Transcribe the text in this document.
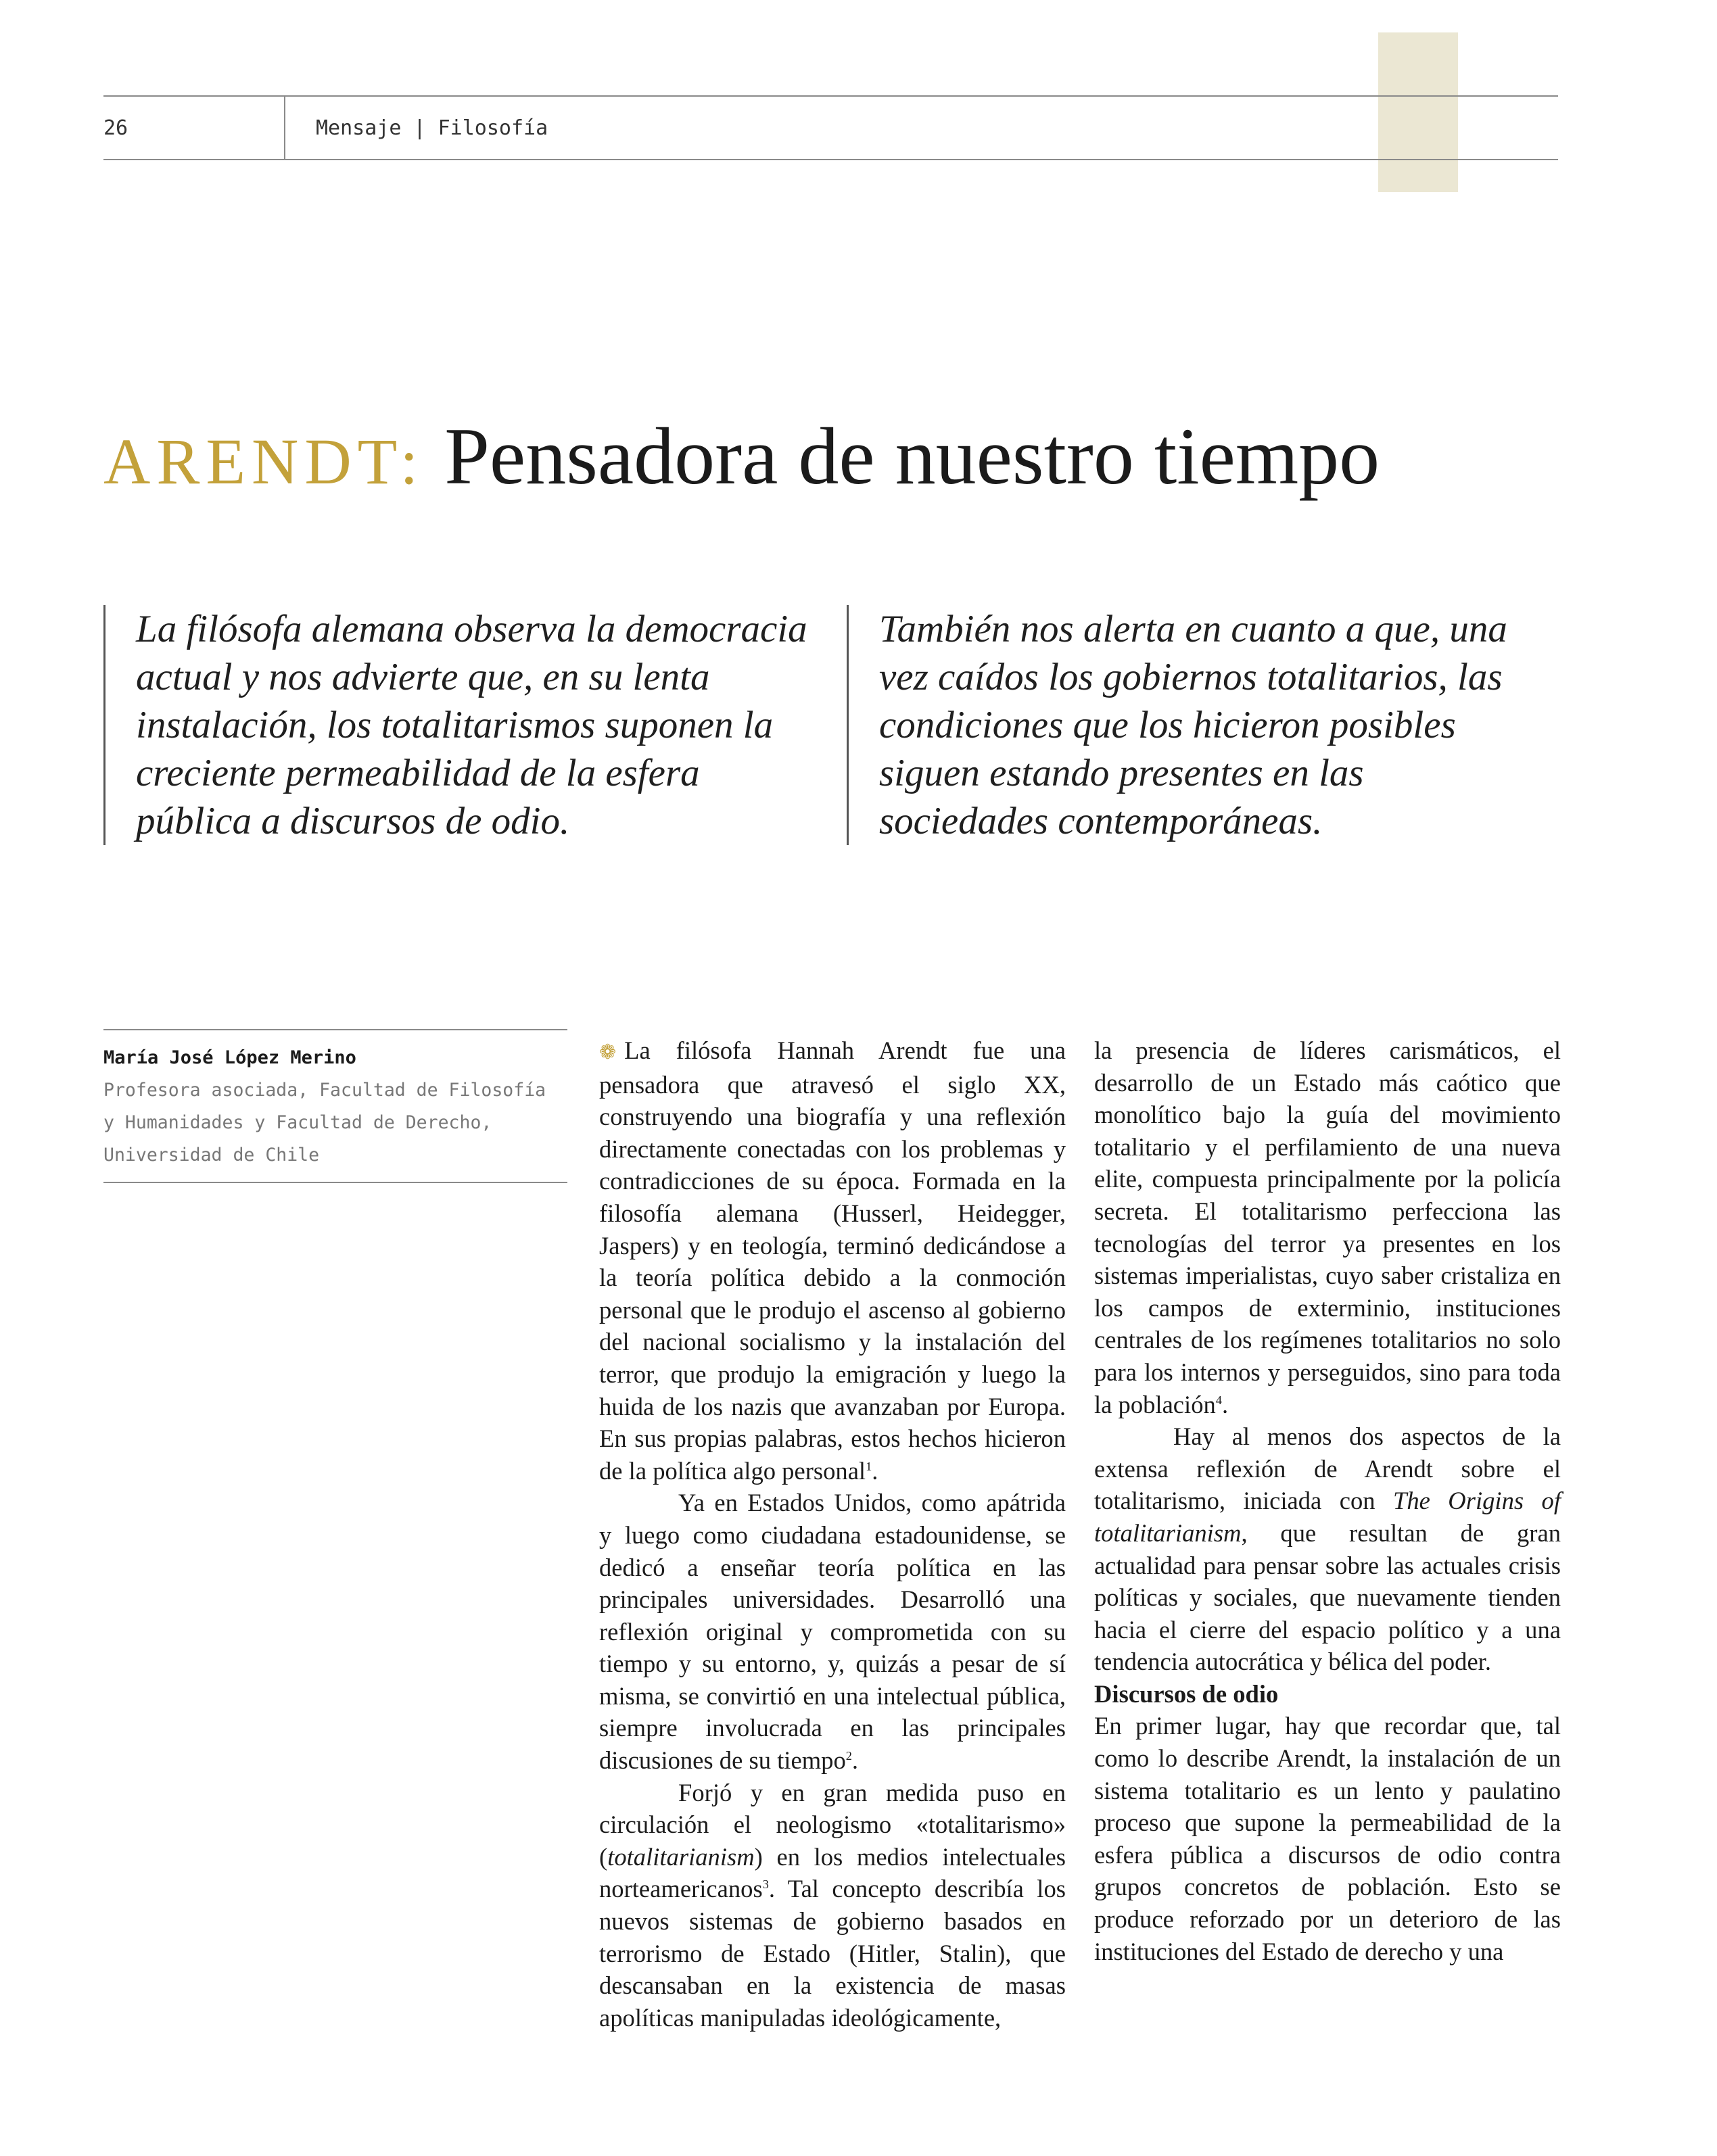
26	Mensaje | Filosofía
ARENDT: Pensadora de nuestro tiempo
La filósofa alemana observa la democracia actual y nos advierte que, en su lenta instalación, los totalitarismos suponen la creciente permeabilidad de la esfera pública a discursos de odio.
También nos alerta en cuanto a que, una vez caídos los gobiernos totalitarios, las condiciones que los hicieron posibles siguen estando presentes en las sociedades contemporáneas.
María José López Merino
Profesora asociada, Facultad de Filosofía y Humanidades y Facultad de Derecho, Universidad de Chile

❁ La filósofa Hannah Arendt fue una pensadora que atravesó el siglo XX, construyendo una biografía y una reflexión directamente conectadas con los problemas y contradicciones de su época. Formada en la filosofía alemana (Husserl, Heidegger, Jaspers) y en teología, terminó dedicándose a la teoría política debido a la conmoción personal que le produjo el ascenso al gobierno del nacional socialismo y la instalación del terror, que produjo la emigración y luego la huida de los nazis que avanzaban por Europa. En sus propias palabras, estos hechos hicieron de la política algo personal$^1$.

Ya en Estados Unidos, como apátrida y luego como ciudadana estadounidense, se dedicó a enseñar teoría política en las principales universidades. Desarrolló una reflexión original y comprometida con su tiempo y su entorno, y, quizás a pesar de sí misma, se convirtió en una intelectual pública, siempre involucrada en las principales discusiones de su tiempo$^2$.

Forjó y en gran medida puso en circulación el neologismo «totalitarismo» (totalitarianism) en los medios intelectuales norteamericanos$^3$. Tal concepto describía los nuevos sistemas de gobierno basados en terrorismo de Estado (Hitler, Stalin), que descansaban en la existencia de masas apolíticas manipuladas ideológicamente,

la presencia de líderes carismáticos, el desarrollo de un Estado más caótico que monolítico bajo la guía del movimiento totalitario y el perfilamiento de una nueva elite, compuesta principalmente por la policía secreta. El totalitarismo perfecciona las tecnologías del terror ya presentes en los sistemas imperialistas, cuyo saber cristaliza en los campos de exterminio, instituciones centrales de los regímenes totalitarios no solo para los internos y perseguidos, sino para toda la población$^4$.

Hay al menos dos aspectos de la extensa reflexión de Arendt sobre el totalitarismo, iniciada con The Origins of totalitarianism, que resultan de gran actualidad para pensar sobre las actuales crisis políticas y sociales, que nuevamente tienden hacia el cierre del espacio político y a una tendencia autocrática y bélica del poder.

Discursos de odio

En primer lugar, hay que recordar que, tal como lo describe Arendt, la instalación de un sistema totalitario es un lento y paulatino proceso que supone la permeabilidad de la esfera pública a discursos de odio contra grupos concretos de población. Esto se produce reforzado por un deterioro de las instituciones del Estado de derecho y una
